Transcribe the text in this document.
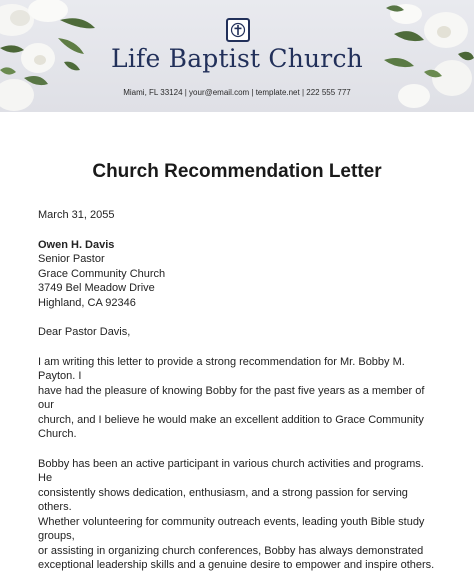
Life Baptist Church
Miami, FL 33124 | your@email.com | template.net | 222 555 777
Church Recommendation Letter
March 31, 2055
Owen H. Davis
Senior Pastor
Grace Community Church
3749 Bel Meadow Drive
Highland, CA 92346
Dear Pastor Davis,
I am writing this letter to provide a strong recommendation for Mr. Bobby M. Payton. I
have had the pleasure of knowing Bobby for the past five years as a member of our
church, and I believe he would make an excellent addition to Grace Community Church.
Bobby has been an active participant in various church activities and programs. He
consistently shows dedication, enthusiasm, and a strong passion for serving others.
Whether volunteering for community outreach events, leading youth Bible study groups,
or assisting in organizing church conferences, Bobby has always demonstrated
exceptional leadership skills and a genuine desire to empower and inspire others.
